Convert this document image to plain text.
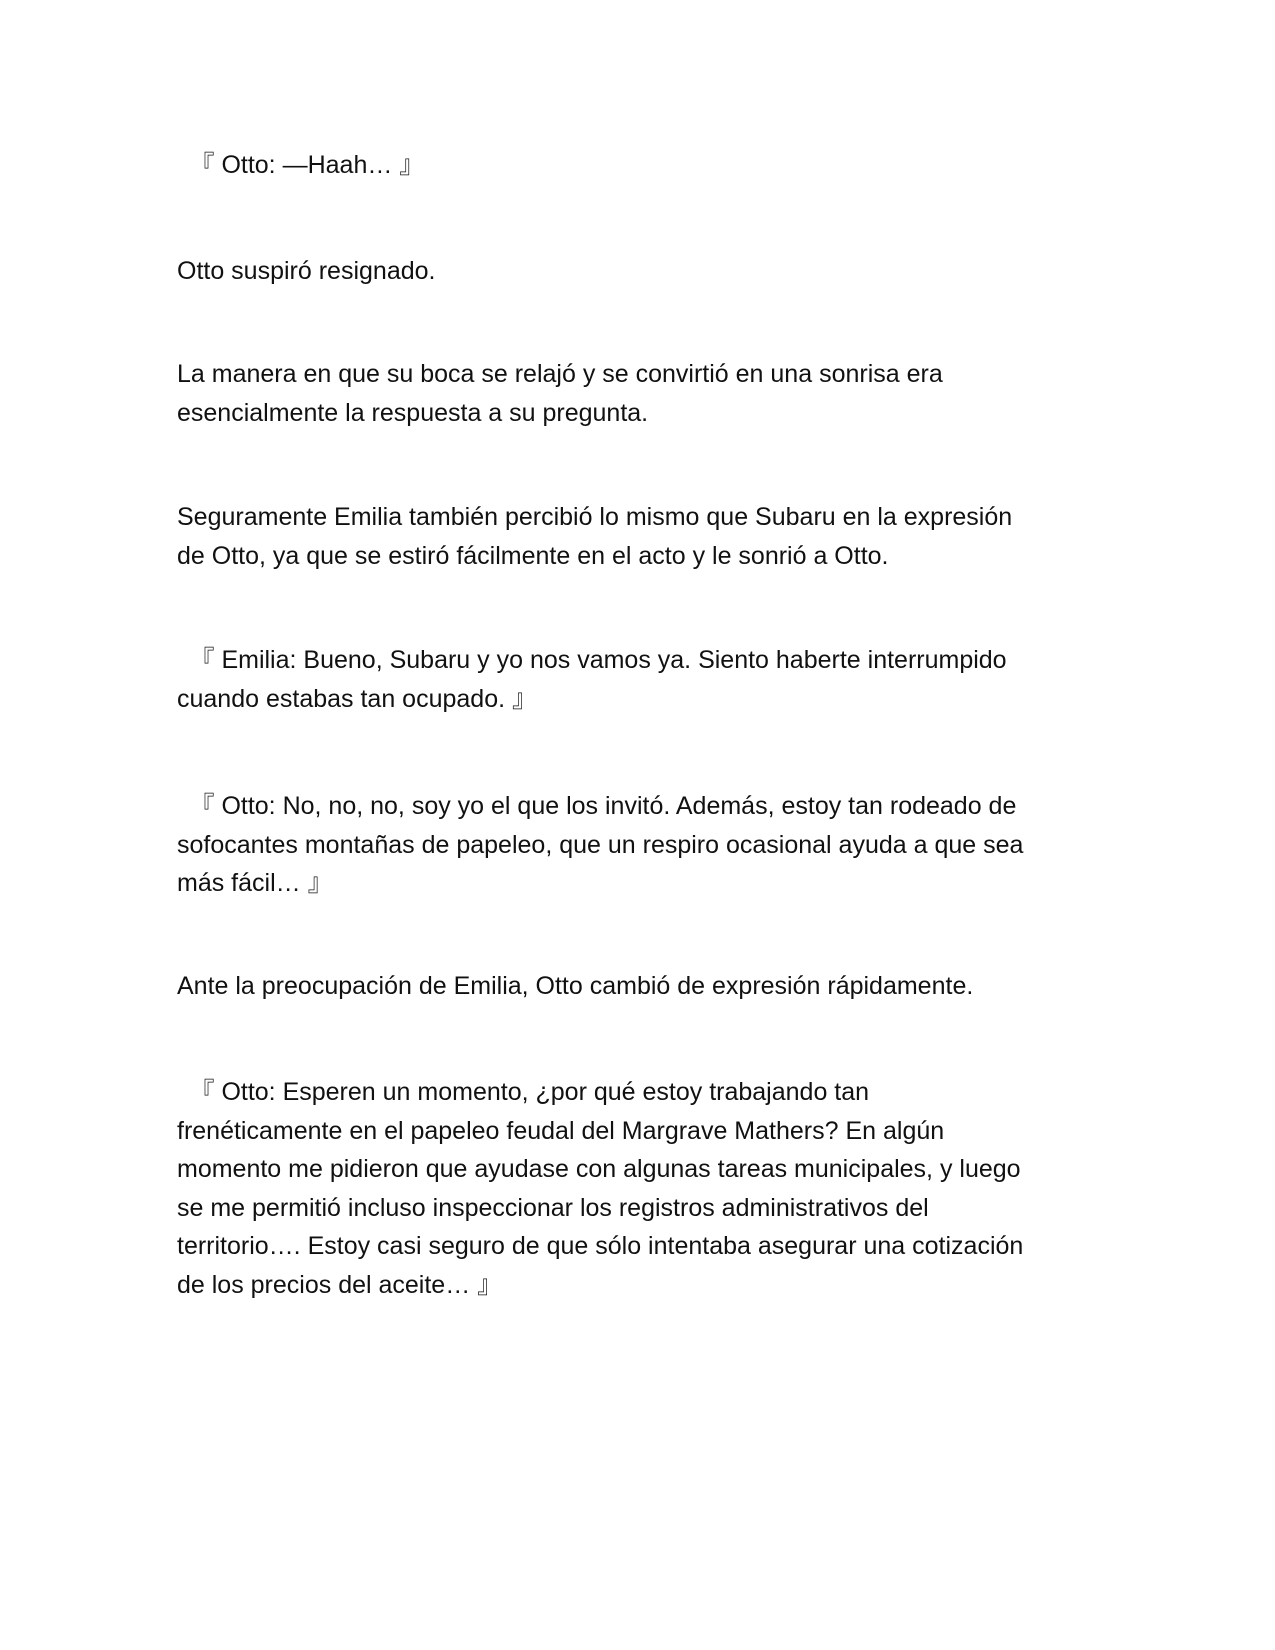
　『 Otto: —Haah… 』

Otto suspiró resignado.

La manera en que su boca se relajó y se convirtió en una sonrisa era
esencialmente la respuesta a su pregunta.

Seguramente Emilia también percibió lo mismo que Subaru en la expresión
de Otto, ya que se estiró fácilmente en el acto y le sonrió a Otto.

　『 Emilia: Bueno, Subaru y yo nos vamos ya. Siento haberte interrumpido
cuando estabas tan ocupado. 』

　『 Otto: No, no, no, soy yo el que los invitó. Además, estoy tan rodeado de
sofocantes montañas de papeleo, que un respiro ocasional ayuda a que sea
más fácil… 』

Ante la preocupación de Emilia, Otto cambió de expresión rápidamente.

　『 Otto: Esperen un momento, ¿por qué estoy trabajando tan
frenéticamente en el papeleo feudal del Margrave Mathers? En algún
momento me pidieron que ayudase con algunas tareas municipales, y luego
se me permitió incluso inspeccionar los registros administrativos del
territorio…. Estoy casi seguro de que sólo intentaba asegurar una cotización
de los precios del aceite… 』
